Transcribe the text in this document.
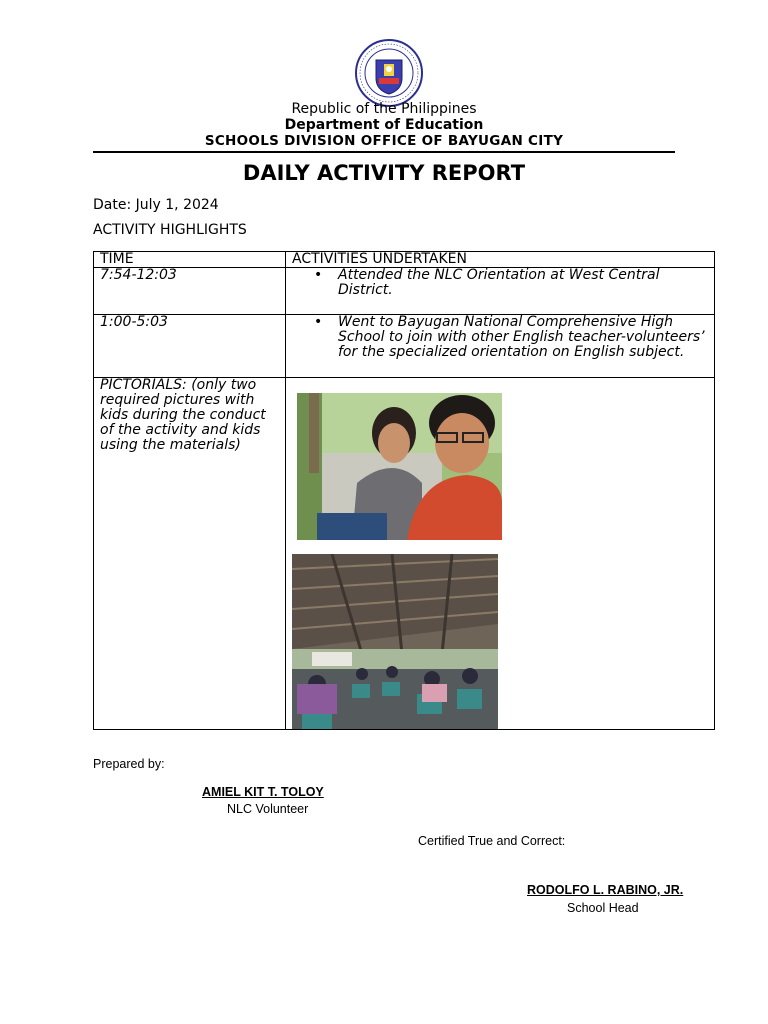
Republic of the Philippines
Department of Education
SCHOOLS DIVISION OFFICE OF BAYUGAN CITY
DAILY ACTIVITY REPORT
Date: July 1, 2024
ACTIVITY HIGHLIGHTS
TIME	ACTIVITIES UNDERTAKEN
7:54-12:03	• Attended the NLC Orientation at West Central District.

1:00-5:03	• Went to Bayugan National Comprehensive High School to join with other English teacher-volunteers’ for the specialized orientation on English subject.

PICTORIALS: (only two required pictures with kids during the conduct of the activity and kids using the materials)	
Prepared by:
AMIEL KIT T. TOLOY
NLC Volunteer
Certified True and Correct:
RODOLFO L. RABINO, JR.
School Head
